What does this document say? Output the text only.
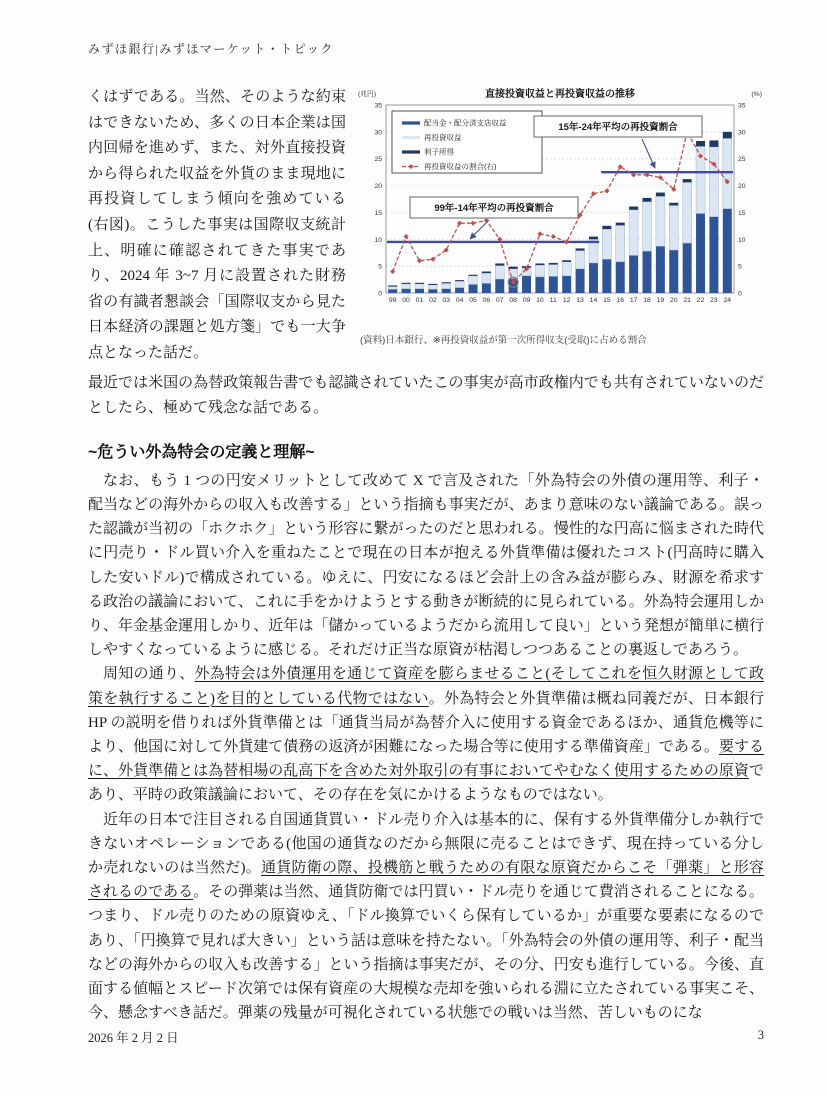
みずほ銀行|みずほマーケット・トピック
くはずである。当然、そのような約束はできないため、多くの日本企業は国内回帰を進めず、また、対外直接投資から得られた収益を外貨のまま現地に再投資してしまう傾向を強めている(右図)。こうした事実は国際収支統計上、明確に確認されてきた事実であり、2024 年 3~7 月に設置された財務省の有識者懇談会「国際収支から見た日本経済の課題と処方箋」でも一大争点となった話だ。
0	0
5	5
10	10
15	15
20	20
25	25
30	30
35	35
99 00 01 02 03 04 05 06 07 08 09 10 11 12 13 14 15 16 17 18 19 20 21 22 23 24
直接投資収益と再投資収益の推移
(兆円)	(%)
配当金・配分済支店収益
再投資収益
利子所得
再投資収益の割合(右)
99年-14年平均の再投資割合
15年-24年平均の再投資割合
(資料)日本銀行、※再投資収益が第一次所得収支(受取)に占める割合

最近では米国の為替政策報告書でも認識されていたこの事実が高市政権内でも共有されていないのだとしたら、極めて残念な話である。

~危うい外為特会の定義と理解~

なお、もう 1 つの円安メリットとして改めて X で言及された「外為特会の外債の運用等、利子・配当などの海外からの収入も改善する」という指摘も事実だが、あまり意味のない議論である。誤った認識が当初の「ホクホク」という形容に繋がったのだと思われる。慢性的な円高に悩まされた時代に円売り・ドル買い介入を重ねたことで現在の日本が抱える外貨準備は優れたコスト(円高時に購入した安いドル)で構成されている。ゆえに、円安になるほど会計上の含み益が膨らみ、財源を希求する政治の議論において、これに手をかけようとする動きが断続的に見られている。外為特会運用しかり、年金基金運用しかり、近年は「儲かっているようだから流用して良い」という発想が簡単に横行しやすくなっているように感じる。それだけ正当な原資が枯渇しつつあることの裏返しであろう。

周知の通り、外為特会は外債運用を通じて資産を膨らませること(そしてこれを恒久財源として政策を執行すること)を目的としている代物ではない。外為特会と外貨準備は概ね同義だが、日本銀行 HP の説明を借りれば外貨準備とは「通貨当局が為替介入に使用する資金であるほか、通貨危機等により、他国に対して外貨建て債務の返済が困難になった場合等に使用する準備資産」である。要するに、外貨準備とは為替相場の乱高下を含めた対外取引の有事においてやむなく使用するための原資であり、平時の政策議論において、その存在を気にかけるようなものではない。

近年の日本で注目される自国通貨買い・ドル売り介入は基本的に、保有する外貨準備分しか執行できないオペレーションである(他国の通貨なのだから無限に売ることはできず、現在持っている分しか売れないのは当然だ)。通貨防衛の際、投機筋と戦うための有限な原資だからこそ「弾薬」と形容されるのである。その弾薬は当然、通貨防衛では円買い・ドル売りを通じて費消されることになる。つまり、ドル売りのための原資ゆえ、「ドル換算でいくら保有しているか」が重要な要素になるのであり、「円換算で見れば大きい」という話は意味を持たない。「外為特会の外債の運用等、利子・配当などの海外からの収入も改善する」という指摘は事実だが、その分、円安も進行している。今後、直面する値幅とスピード次第では保有資産の大規模な売却を強いられる淵に立たされている事実こそ、今、懸念すべき話だ。弾薬の残量が可視化されている状態での戦いは当然、苦しいものにな

2026 年 2 月 2 日	3
